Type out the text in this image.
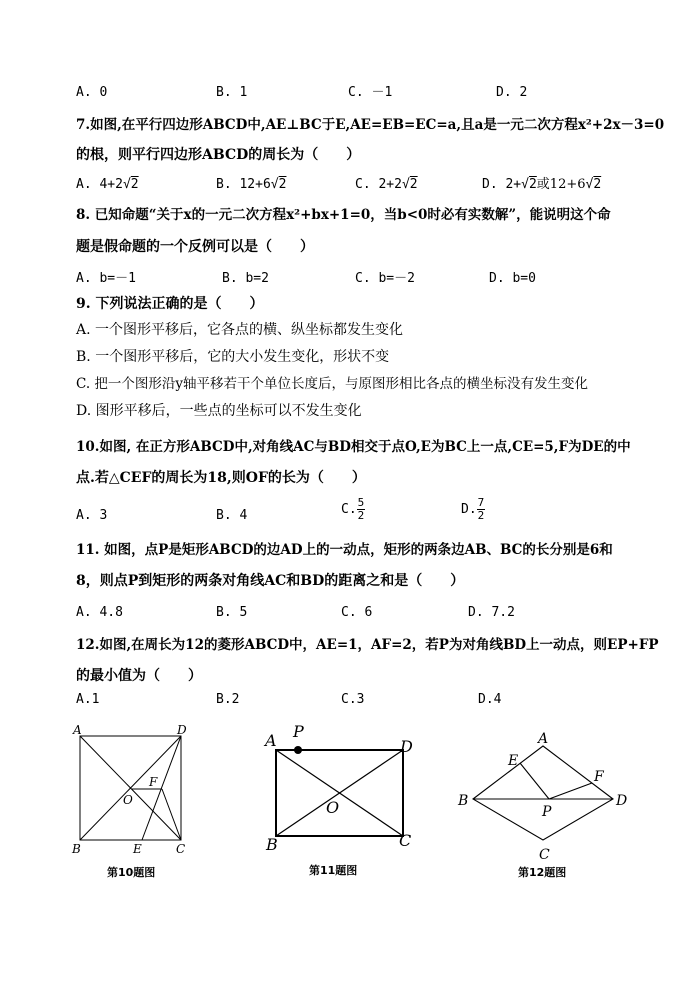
A. 0	B. 1	C. －1	D. 2
7.如图,在平行四边形ABCD中,AE⊥BC于E,AE=EB=EC=a,且a是一元二次方程x²+2x－3=0
的根，则平行四边形ABCD的周长为（　　）
A. 4+2√2	B. 12+6√2	C. 2+2√2	D. 2+√2或12+6√2
8. 已知命题“关于x的一元二次方程x²+bx+1=0，当b<0时必有实数解”，能说明这个命
题是假命题的一个反例可以是（　　）
A. b=－1	B. b=2	C. b=－2	D. b=0
9. 下列说法正确的是（　　）
A. 一个图形平移后，它各点的横、纵坐标都发生变化
B. 一个图形平移后，它的大小发生变化，形状不变
C. 把一个图形沿y轴平移若干个单位长度后，与原图形相比各点的横坐标没有发生变化
D. 图形平移后，一些点的坐标可以不发生变化
10.如图, 在正方形ABCD中,对角线AC与BD相交于点O,E为BC上一点,CE=5,F为DE的中
点.若△CEF的周长为18,则OF的长为（　　）
A. 3	B. 4	C. $\frac{5}{2}$	D. $\frac{7}{2}$
11. 如图，点P是矩形ABCD的边AD上的一动点，矩形的两条边AB、BC的长分别是6和
8，则点P到矩形的两条对角线AC和BD的距离之和是（　　）
A. 4.8	B. 5	C. 6	D. 7.2
12.如图,在周长为12的菱形ABCD中，AE=1，AF=2，若P为对角线BD上一动点，则EP+FP
的最小值为（　　）
A.1	B.2	C.3	D.4
A	D
O
F
B	E	C
第10题图
A P
D
O
B	C
第11题图
A
E
F
B
P
D
C
第12题图
